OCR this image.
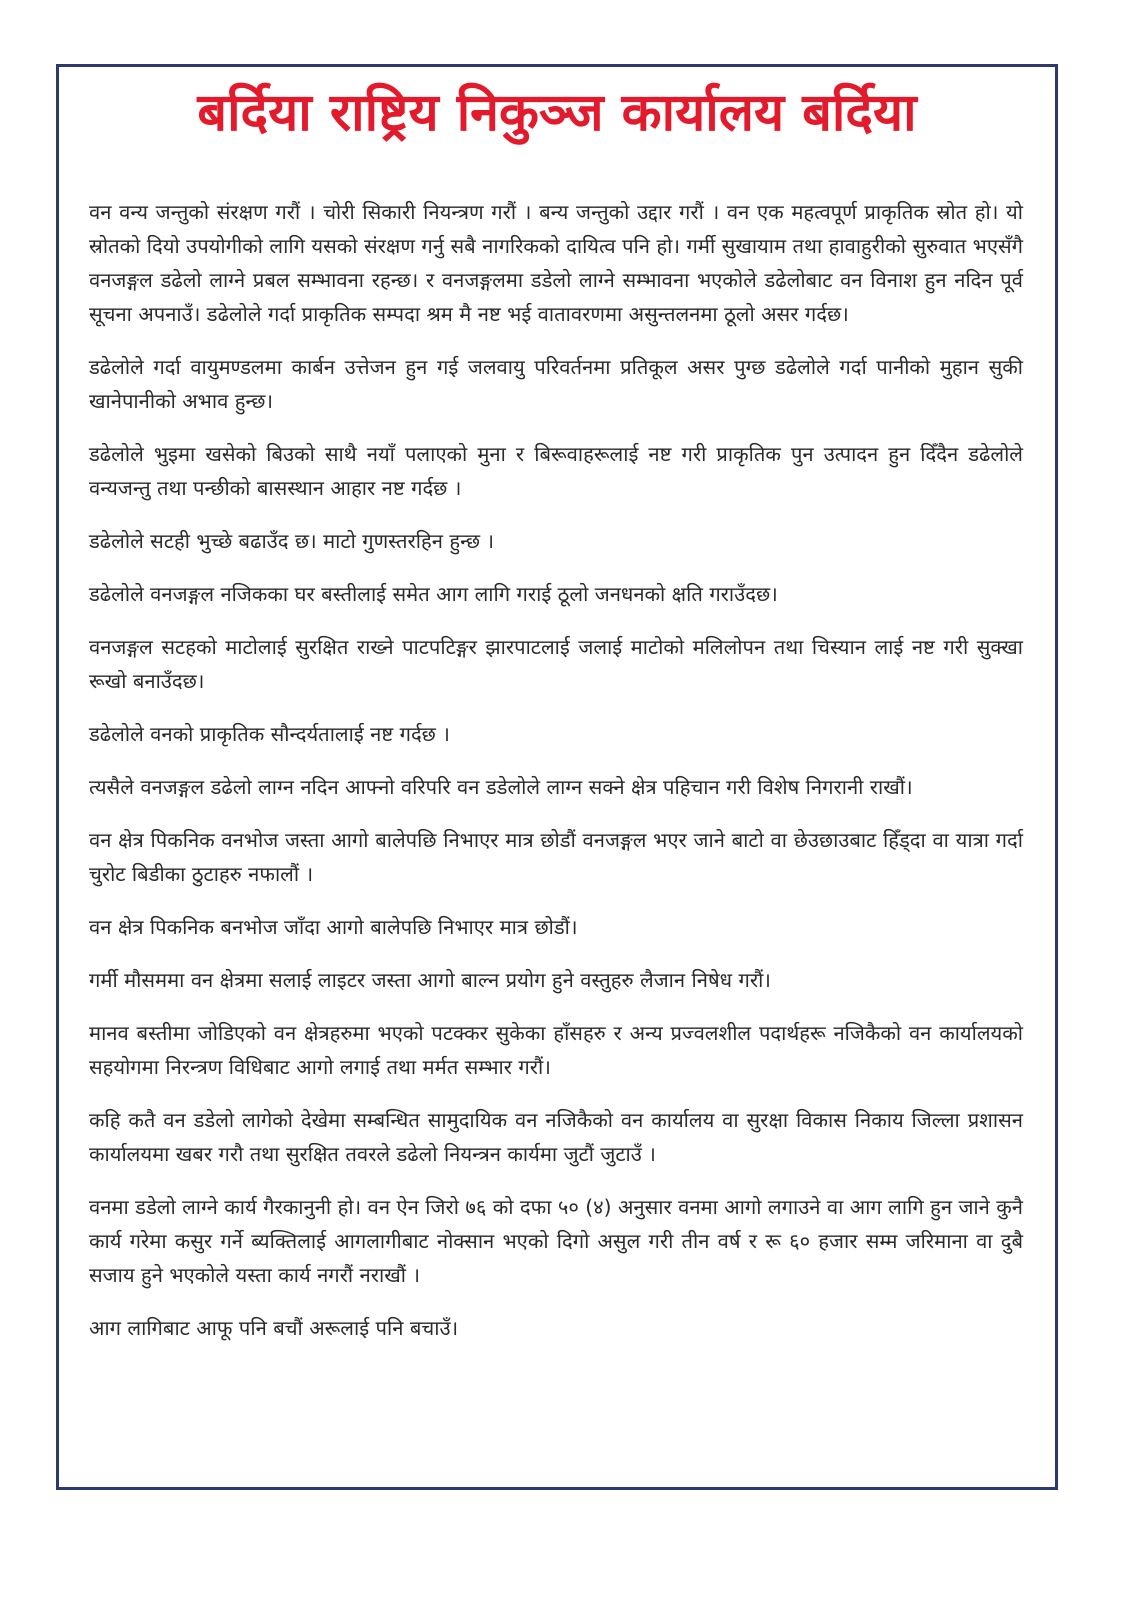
बर्दिया राष्ट्रिय निकुञ्ज कार्यालय बर्दिया

वन वन्य जन्तुको संरक्षण गरौं । चोरी सिकारी नियन्त्रण गरौं । बन्य जन्तुको उद्दार गरौं । वन एक महत्वपूर्ण प्राकृतिक स्रोत हो। यो स्रोतको दियो उपयोगीको लागि यसको संरक्षण गर्नु सबै नागरिकको दायित्व पनि हो। गर्मी सुखायाम तथा हावाहुरीको सुरुवात भएसँगै वनजङ्गल डढेलो लाग्ने प्रबल सम्भावना रहन्छ। र वनजङ्गलमा डडेलो लाग्ने सम्भावना भएकोले डढेलोबाट वन विनाश हुन नदिन पूर्व सूचना अपनाउँ। डढेलोले गर्दा प्राकृतिक सम्पदा श्रम मै नष्ट भई वातावरणमा असुन्तलनमा ठूलो असर गर्दछ।

डढेलोले गर्दा वायुमण्डलमा कार्बन उत्तेजन हुन गई जलवायु परिवर्तनमा प्रतिकूल असर पुग्छ डढेलोले गर्दा पानीको मुहान सुकी खानेपानीको अभाव हुन्छ।

डढेलोले भुइमा खसेको बिउको साथै नयाँ पलाएको मुना र बिरूवाहरूलाई नष्ट गरी प्राकृतिक पुन उत्पादन हुन दिँदैन डढेलोले वन्यजन्तु तथा पन्छीको बासस्थान आहार नष्ट गर्दछ ।

डढेलोले सटही भुच्छे बढाउँद छ। माटो गुणस्तरहिन हुन्छ ।

डढेलोले वनजङ्गल नजिकका घर बस्तीलाई समेत आग लागि गराई ठूलो जनधनको क्षति गराउँदछ।

वनजङ्गल सटहको माटोलाई सुरक्षित राख्ने पाटपटिङ्गर झारपाटलाई जलाई माटोको मलिलोपन तथा चिस्यान लाई नष्ट गरी सुक्खा रूखो बनाउँदछ।

डढेलोले वनको प्राकृतिक सौन्दर्यतालाई नष्ट गर्दछ ।

त्यसैले वनजङ्गल डढेलो लाग्न नदिन आफ्नो वरिपरि वन डडेलोले लाग्न सक्ने क्षेत्र पहिचान गरी विशेष निगरानी राखौं।

वन क्षेत्र पिकनिक वनभोज जस्ता आगो बालेपछि निभाएर मात्र छोडौं वनजङ्गल भएर जाने बाटो वा छेउछाउबाट हिँड्दा वा यात्रा गर्दा चुरोट बिडीका ठुटाहरु नफालौं ।

वन क्षेत्र पिकनिक बनभोज जाँदा आगो बालेपछि निभाएर मात्र छोडौं।

गर्मी मौसममा वन क्षेत्रमा सलाई लाइटर जस्ता आगो बाल्न प्रयोग हुने वस्तुहरु लैजान निषेध गरौं।

मानव बस्तीमा जोडिएको वन क्षेत्रहरुमा भएको पटक्कर सुकेका हाँसहरु र अन्य प्रज्वलशील पदार्थहरू नजिकैको वन कार्यालयको सहयोगमा निरन्त्रण विधिबाट आगो लगाई तथा मर्मत सम्भार गरौं।

कहि कतै वन डडेलो लागेको देखेमा सम्बन्धित सामुदायिक वन नजिकैको वन कार्यालय वा सुरक्षा विकास निकाय जिल्ला प्रशासन कार्यालयमा खबर गरौ तथा सुरक्षित तवरले डढेलो नियन्त्रन कार्यमा जुटौं जुटाउँ ।

वनमा डडेलो लाग्ने कार्य गैरकानुनी हो। वन ऐन जिरो ७६ को दफा ५० (४) अनुसार वनमा आगो लगाउने वा आग लागि हुन जाने कुनै कार्य गरेमा कसुर गर्ने ब्यक्तिलाई आगलागीबाट नोक्सान भएको दिगो असुल गरी तीन वर्ष र रू ६० हजार सम्म जरिमाना वा दुबै सजाय हुने भएकोले यस्ता कार्य नगरौं नराखौं ।

आग लागिबाट आफू पनि बचौं अरूलाई पनि बचाउँ।
